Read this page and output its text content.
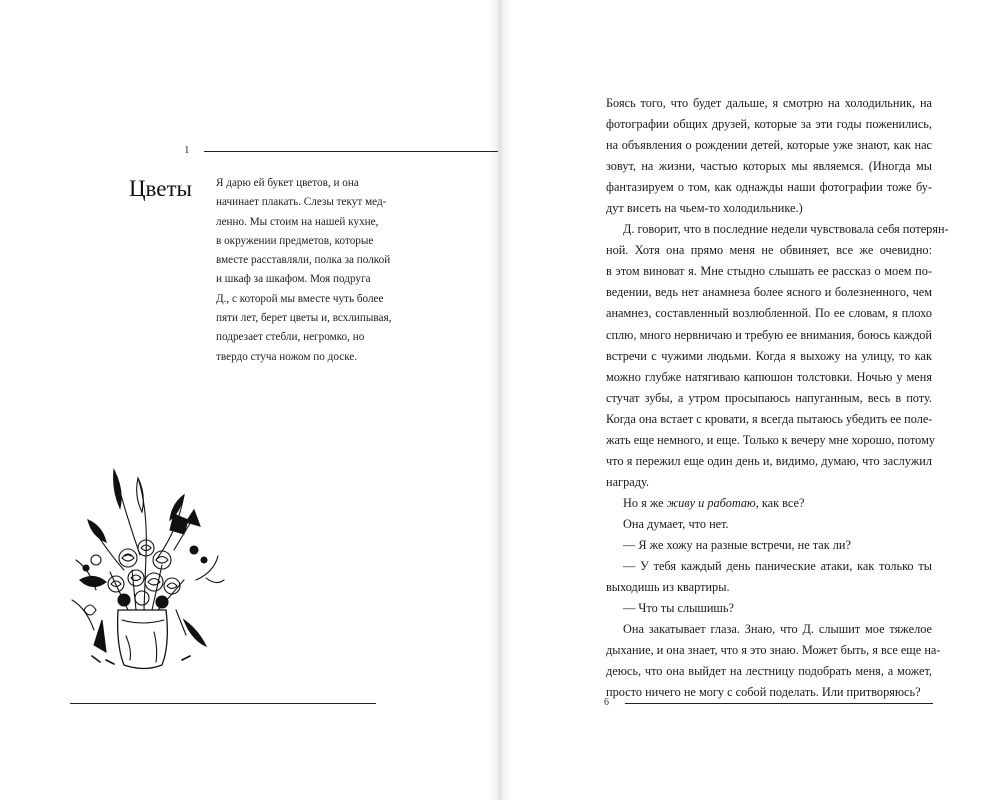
1
Цветы Я дарю ей букет цветов, и она
начинает плакать. Слезы текут мед-
ленно. Мы стоим на нашей кухне,
в окружении предметов, которые
вместе расставляли, полка за полкой
и шкаф за шкафом. Моя подруга
Д., с которой мы вместе чуть более
пяти лет, берет цветы и, всхлипывая,
подрезает стебли, негромко, но
твердо стуча ножом по доске.
Боясь того, что будет дальше, я смотрю на холодильник, на
фотографии общих друзей, которые за эти годы поженились,
на объявления о рождении детей, которые уже знают, как нас
зовут, на жизни, частью которых мы являемся. (Иногда мы
фантазируем о том, как однажды наши фотографии тоже бу-
дут висеть на чьем-то холодильнике.)
Д. говорит, что в последние недели чувствовала себя потерян-
ной. Хотя она прямо меня не обвиняет, все же очевидно:
в этом виноват я. Мне стыдно слышать ее рассказ о моем по-
ведении, ведь нет анамнеза более ясного и болезненного, чем
анамнез, составленный возлюбленной. По ее словам, я плохо
сплю, много нервничаю и требую ее внимания, боюсь каждой
встречи с чужими людьми. Когда я выхожу на улицу, то как
можно глубже натягиваю капюшон толстовки. Ночью у меня
стучат зубы, а утром просыпаюсь напуганным, весь в поту.
Когда она встает с кровати, я всегда пытаюсь убедить ее поле-
жать еще немного, и еще. Только к вечеру мне хорошо, потому
что я пережил еще один день и, видимо, думаю, что заслужил
награду.
Но я же живу и работаю, как все?
Она думает, что нет.
— Я же хожу на разные встречи, не так ли?
— У тебя каждый день панические атаки, как только ты
выходишь из квартиры.
— Что ты слышишь?
Она закатывает глаза. Знаю, что Д. слышит мое тяжелое
дыхание, и она знает, что я это знаю. Может быть, я все еще на-
деюсь, что она выйдет на лестницу подобрать меня, а может,
просто ничего не могу с собой поделать. Или притворяюсь?
6
